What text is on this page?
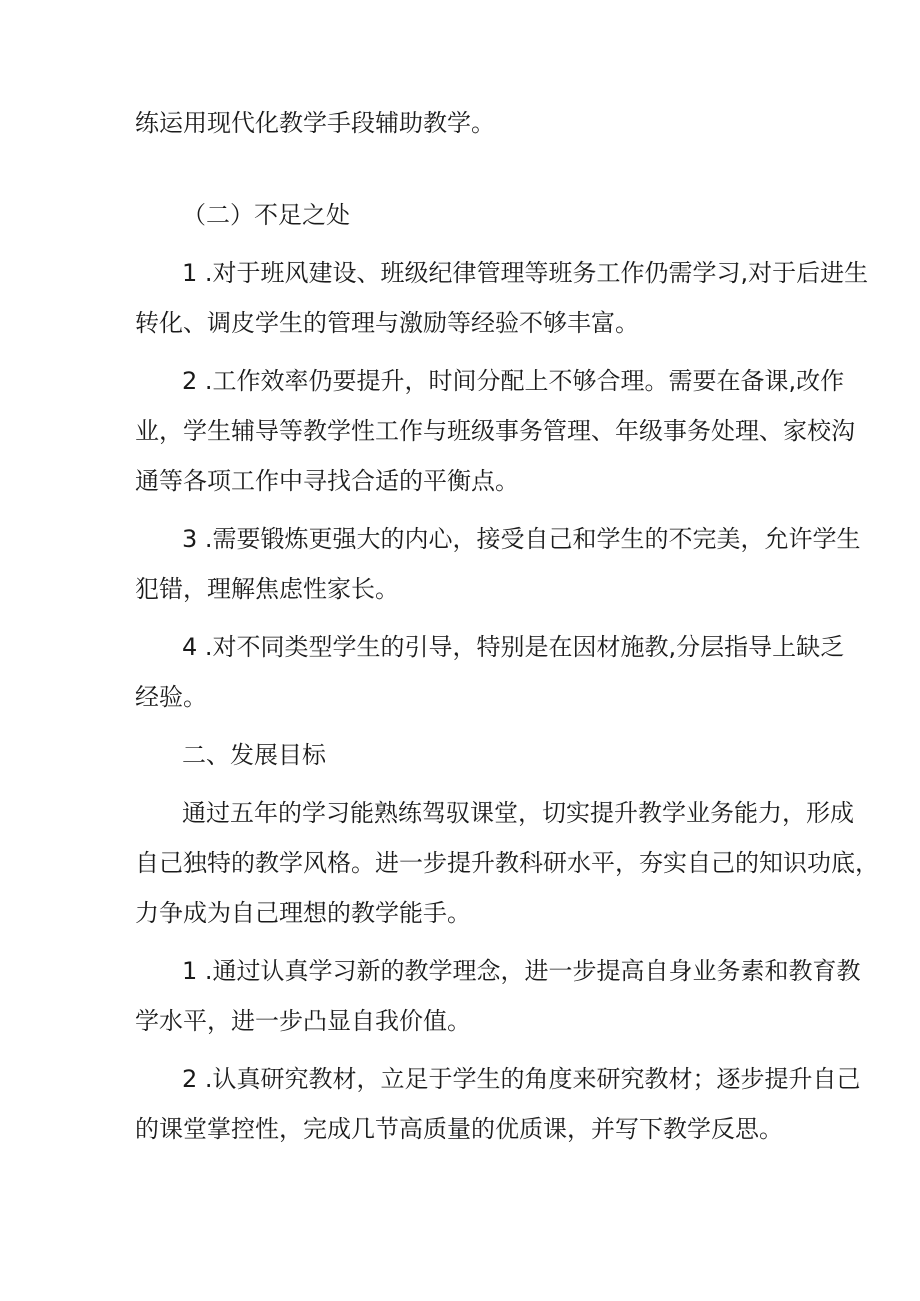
练运用现代化教学手段辅助教学。
（二）不足之处
1 .对于班风建设、班级纪律管理等班务工作仍需学习,对于后进生
转化、调皮学生的管理与激励等经验不够丰富。
2 .工作效率仍要提升，时间分配上不够合理。需要在备课,改作
业，学生辅导等教学性工作与班级事务管理、年级事务处理、家校沟
通等各项工作中寻找合适的平衡点。
3 .需要锻炼更强大的内心，接受自己和学生的不完美，允许学生
犯错，理解焦虑性家长。
4 .对不同类型学生的引导，特别是在因材施教,分层指导上缺乏
经验。
二、发展目标
通过五年的学习能熟练驾驭课堂，切实提升教学业务能力，形成
自己独特的教学风格。进一步提升教科研水平，夯实自己的知识功底，
力争成为自己理想的教学能手。
1 .通过认真学习新的教学理念，进一步提高自身业务素和教育教
学水平，进一步凸显自我价值。
2 .认真研究教材，立足于学生的角度来研究教材；逐步提升自己
的课堂掌控性，完成几节高质量的优质课，并写下教学反思。
